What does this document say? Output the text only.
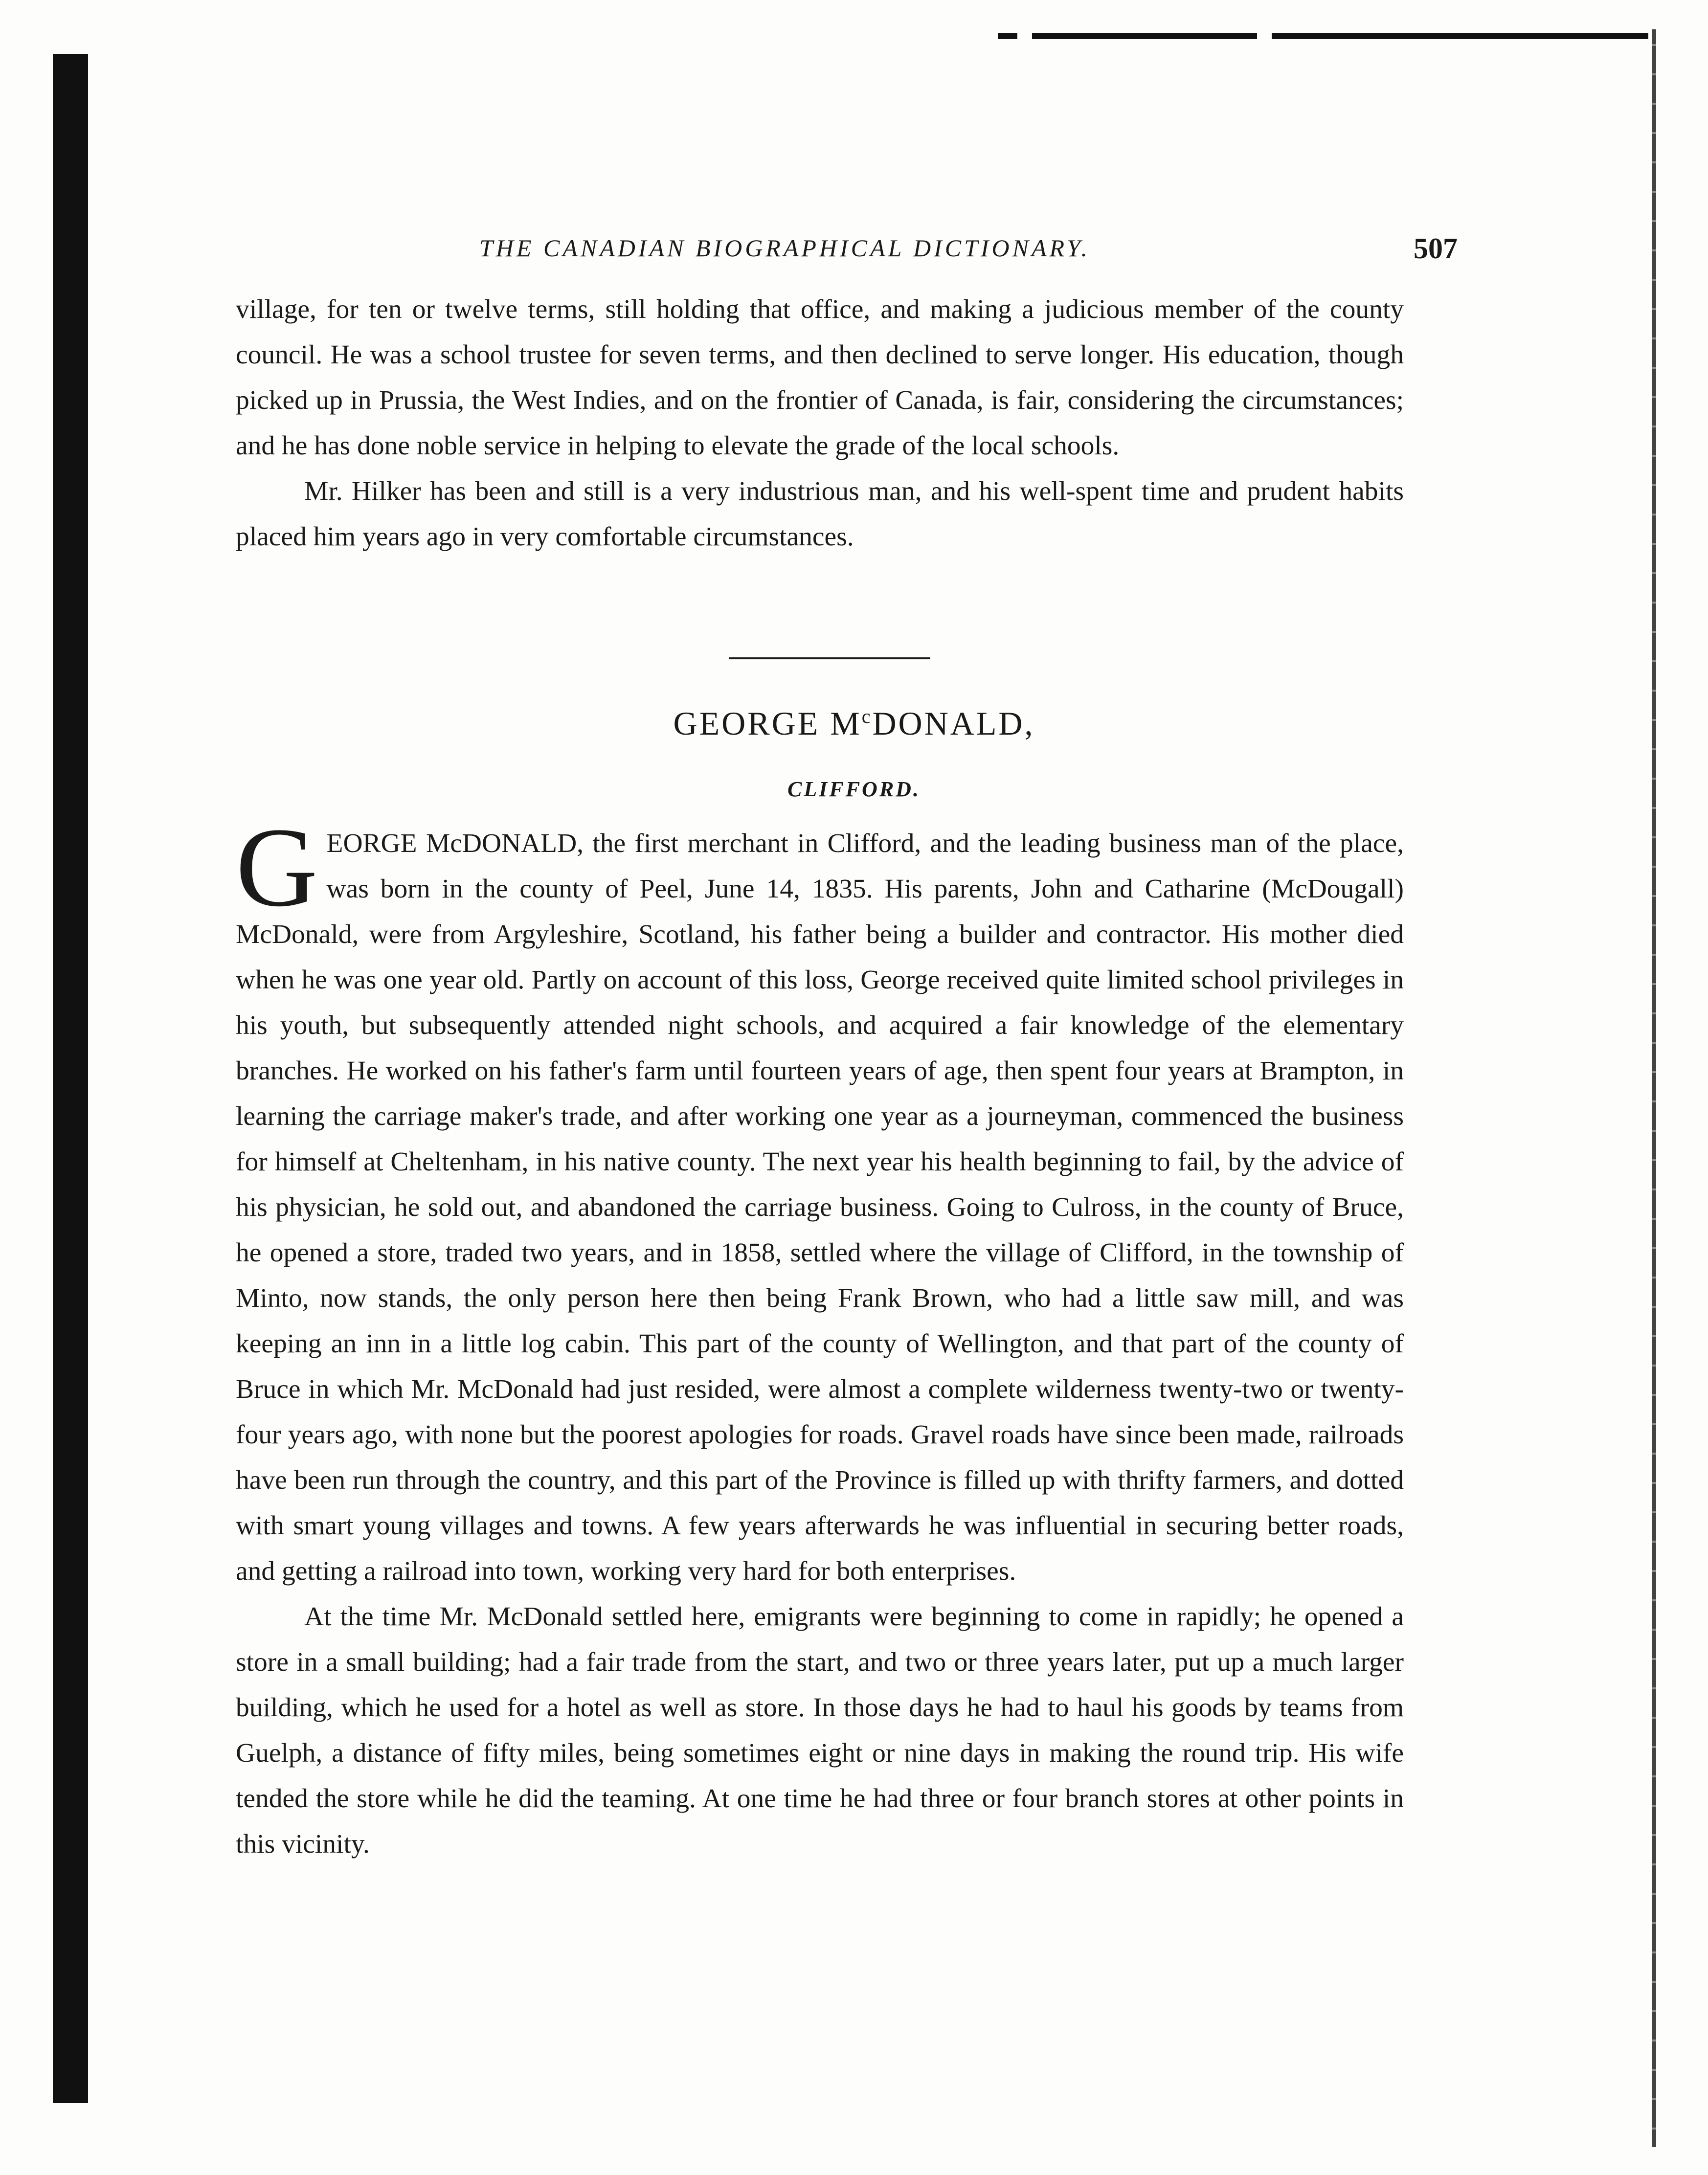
THE CANADIAN BIOGRAPHICAL DICTIONARY.	507

village, for ten or twelve terms, still holding that office, and making a judicious member of the county council. He was a school trustee for seven terms, and then declined to serve longer. His education, though picked up in Prussia, the West Indies, and on the frontier of Canada, is fair, considering the circumstances; and he has done noble service in helping to elevate the grade of the local schools.

Mr. Hilker has been and still is a very industrious man, and his well-spent time and prudent habits placed him years ago in very comfortable circumstances.

GEORGE $M^cDONALD$,
CLIFFORD.

GEORGE McDONALD, the first merchant in Clifford, and the leading business man of the place, was born in the county of Peel, June 14, 1835. His parents, John and Catharine (McDougall) McDonald, were from Argyleshire, Scotland, his father being a builder and contractor. His mother died when he was one year old. Partly on account of this loss, George received quite limited school privileges in his youth, but subsequently attended night schools, and acquired a fair knowledge of the elementary branches. He worked on his father's farm until fourteen years of age, then spent four years at Brampton, in learning the carriage maker's trade, and after working one year as a journeyman, commenced the business for himself at Cheltenham, in his native county. The next year his health beginning to fail, by the advice of his physician, he sold out, and abandoned the carriage business. Going to Culross, in the county of Bruce, he opened a store, traded two years, and in 1858, settled where the village of Clifford, in the township of Minto, now stands, the only person here then being Frank Brown, who had a little saw mill, and was keeping an inn in a little log cabin. This part of the county of Wellington, and that part of the county of Bruce in which Mr. McDonald had just resided, were almost a complete wilderness twenty-two or twenty-four years ago, with none but the poorest apologies for roads. Gravel roads have since been made, railroads have been run through the country, and this part of the Province is filled up with thrifty farmers, and dotted with smart young villages and towns. A few years afterwards he was influential in securing better roads, and getting a railroad into town, working very hard for both enterprises.

At the time Mr. McDonald settled here, emigrants were beginning to come in rapidly; he opened a store in a small building; had a fair trade from the start, and two or three years later, put up a much larger building, which he used for a hotel as well as store. In those days he had to haul his goods by teams from Guelph, a distance of fifty miles, being sometimes eight or nine days in making the round trip. His wife tended the store while he did the teaming. At one time he had three or four branch stores at other points in this vicinity.
